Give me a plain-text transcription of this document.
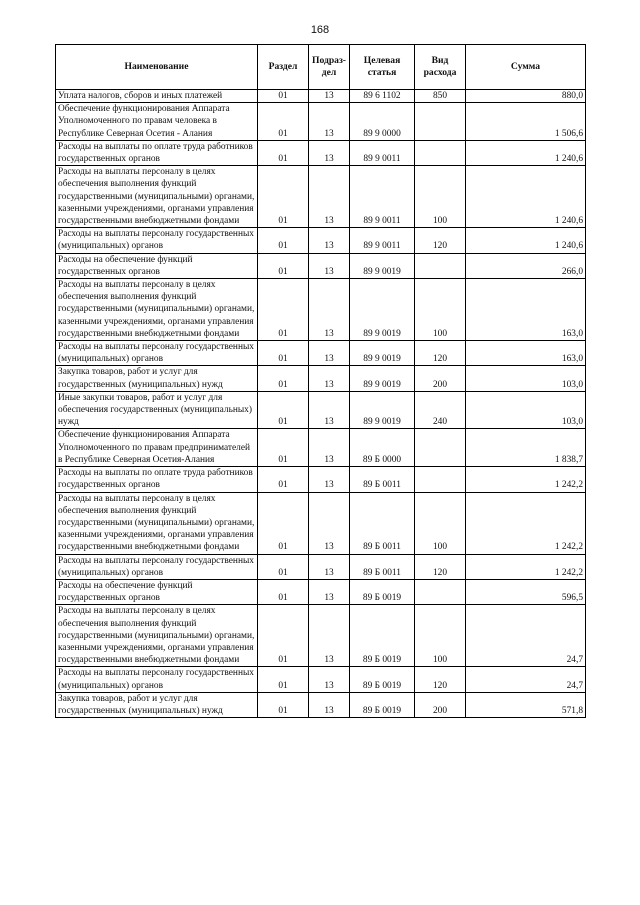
168
Наименование	Раздел	Подраз-дел	Целевая статья	Вид расхода	Сумма
Уплата налогов, сборов и иных платежей	01	13	89 6 1102	850	880,0
Обеспечение функционирования Аппарата Уполномоченного по правам человека в Республике Северная Осетия - Алания	01	13	89 9 0000		1 506,6
Расходы на выплаты по оплате труда работников государственных органов	01	13	89 9 0011		1 240,6
Расходы на выплаты персоналу в целях обеспечения выполнения функций государственными (муниципальными) органами, казенными учреждениями, органами управления государственными внебюджетными фондами	01	13	89 9 0011	100	1 240,6
Расходы на выплаты персоналу государственных (муниципальных) органов	01	13	89 9 0011	120	1 240,6
Расходы на обеспечение функций государственных органов	01	13	89 9 0019		266,0
Расходы на выплаты персоналу в целях обеспечения выполнения функций государственными (муниципальными) органами, казенными учреждениями, органами управления государственными внебюджетными фондами	01	13	89 9 0019	100	163,0
Расходы на выплаты персоналу государственных (муниципальных) органов	01	13	89 9 0019	120	163,0
Закупка товаров, работ и услуг для государственных (муниципальных) нужд	01	13	89 9 0019	200	103,0
Иные закупки товаров, работ и услуг для обеспечения государственных (муниципальных) нужд	01	13	89 9 0019	240	103,0
Обеспечение функционирования Аппарата Уполномоченного по правам предпринимателей в Республике Северная Осетия-Алания	01	13	89 Б 0000		1 838,7
Расходы на выплаты по оплате труда работников государственных органов	01	13	89 Б 0011		1 242,2
Расходы на выплаты персоналу в целях обеспечения выполнения функций государственными (муниципальными) органами, казенными учреждениями, органами управления государственными внебюджетными фондами	01	13	89 Б 0011	100	1 242,2
Расходы на выплаты персоналу государственных (муниципальных) органов	01	13	89 Б 0011	120	1 242,2
Расходы на обеспечение функций государственных органов	01	13	89 Б 0019		596,5
Расходы на выплаты персоналу в целях обеспечения выполнения функций государственными (муниципальными) органами, казенными учреждениями, органами управления государственными внебюджетными фондами	01	13	89 Б 0019	100	24,7
Расходы на выплаты персоналу государственных (муниципальных) органов	01	13	89 Б 0019	120	24,7
Закупка товаров, работ и услуг для государственных (муниципальных) нужд	01	13	89 Б 0019	200	571,8
